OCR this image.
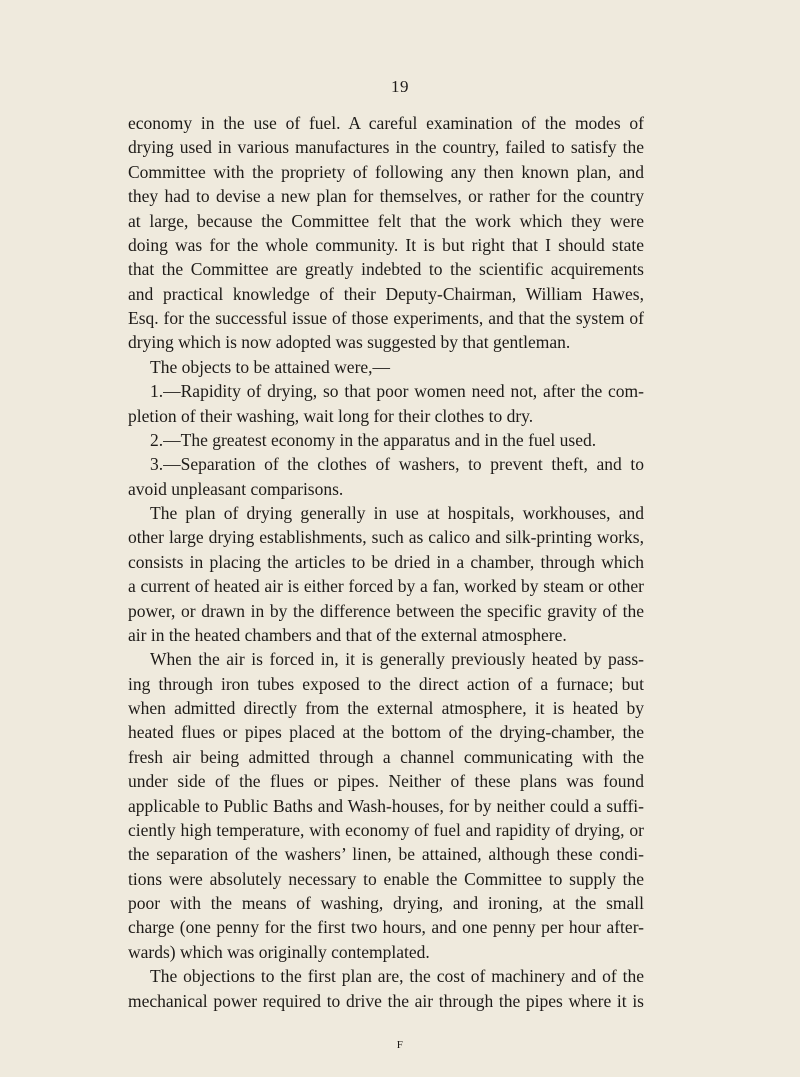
19
economy in the use of fuel. A careful examination of the modes of
drying used in various manufactures in the country, failed to satisfy the
Committee with the propriety of following any then known plan, and
they had to devise a new plan for themselves, or rather for the country
at large, because the Committee felt that the work which they were
doing was for the whole community. It is but right that I should state
that the Committee are greatly indebted to the scientific acquirements
and practical knowledge of their Deputy-Chairman, William Hawes,
Esq. for the successful issue of those experiments, and that the system of
drying which is now adopted was suggested by that gentleman.
The objects to be attained were,—
1.—Rapidity of drying, so that poor women need not, after the com-
pletion of their washing, wait long for their clothes to dry.
2.—The greatest economy in the apparatus and in the fuel used.
3.—Separation of the clothes of washers, to prevent theft, and to
avoid unpleasant comparisons.
The plan of drying generally in use at hospitals, workhouses, and
other large drying establishments, such as calico and silk-printing works,
consists in placing the articles to be dried in a chamber, through which
a current of heated air is either forced by a fan, worked by steam or other
power, or drawn in by the difference between the specific gravity of the
air in the heated chambers and that of the external atmosphere.
When the air is forced in, it is generally previously heated by pass-
ing through iron tubes exposed to the direct action of a furnace; but
when admitted directly from the external atmosphere, it is heated by
heated flues or pipes placed at the bottom of the drying-chamber, the
fresh air being admitted through a channel communicating with the
under side of the flues or pipes. Neither of these plans was found
applicable to Public Baths and Wash-houses, for by neither could a suffi-
ciently high temperature, with economy of fuel and rapidity of drying, or
the separation of the washers’ linen, be attained, although these condi-
tions were absolutely necessary to enable the Committee to supply the
poor with the means of washing, drying, and ironing, at the small
charge (one penny for the first two hours, and one penny per hour after-
wards) which was originally contemplated.
The objections to the first plan are, the cost of machinery and of the
mechanical power required to drive the air through the pipes where it is
F
